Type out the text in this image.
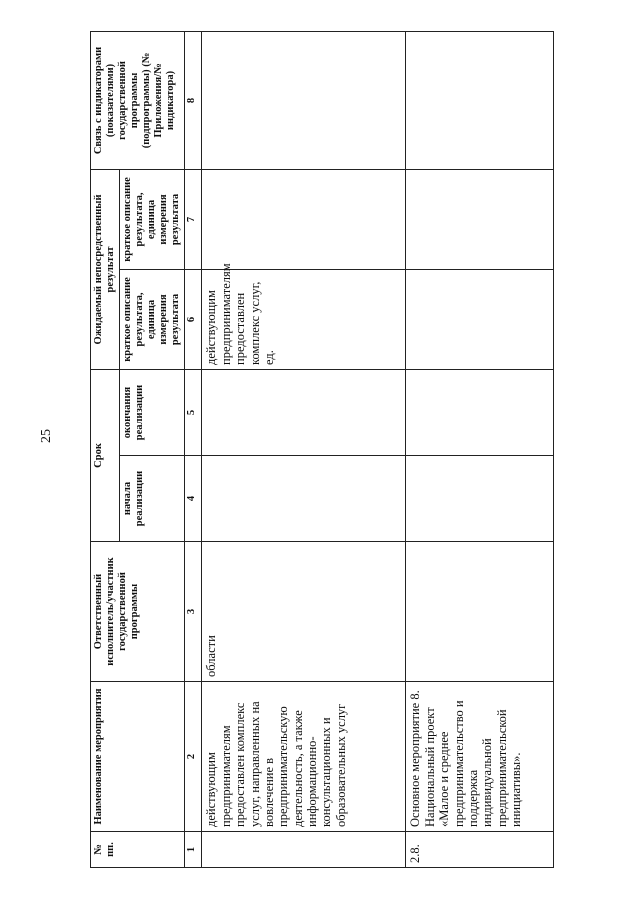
25
№ пп.	Наименование мероприятия	Ответственный исполнитель/участник государственной программы	Срок		Ожидаемый непосредственный результат		Связь с индикаторами (показателями) государственной программы (подпрограммы) (№ Приложения/№ индикатора)
			начала реализации	окончания реализации	краткое описание результата, единица измерения результата	краткое описание результата, единица измерения результата	
1	2	3	4	5	6	7	8
	действующим предпринимателям предоставлен комплекс услуг, направленных на вовлечение в предпринимательскую деятельность, а также информационно-консультационных и образовательных услуг	области			действующим предпринимателям предоставлен комплекс услуг, ед.		
2.8.	Основное мероприятие 8. Национальный проект «Малое и среднее предпринимательство и поддержка индивидуальной предпринимательской инициативы».						
